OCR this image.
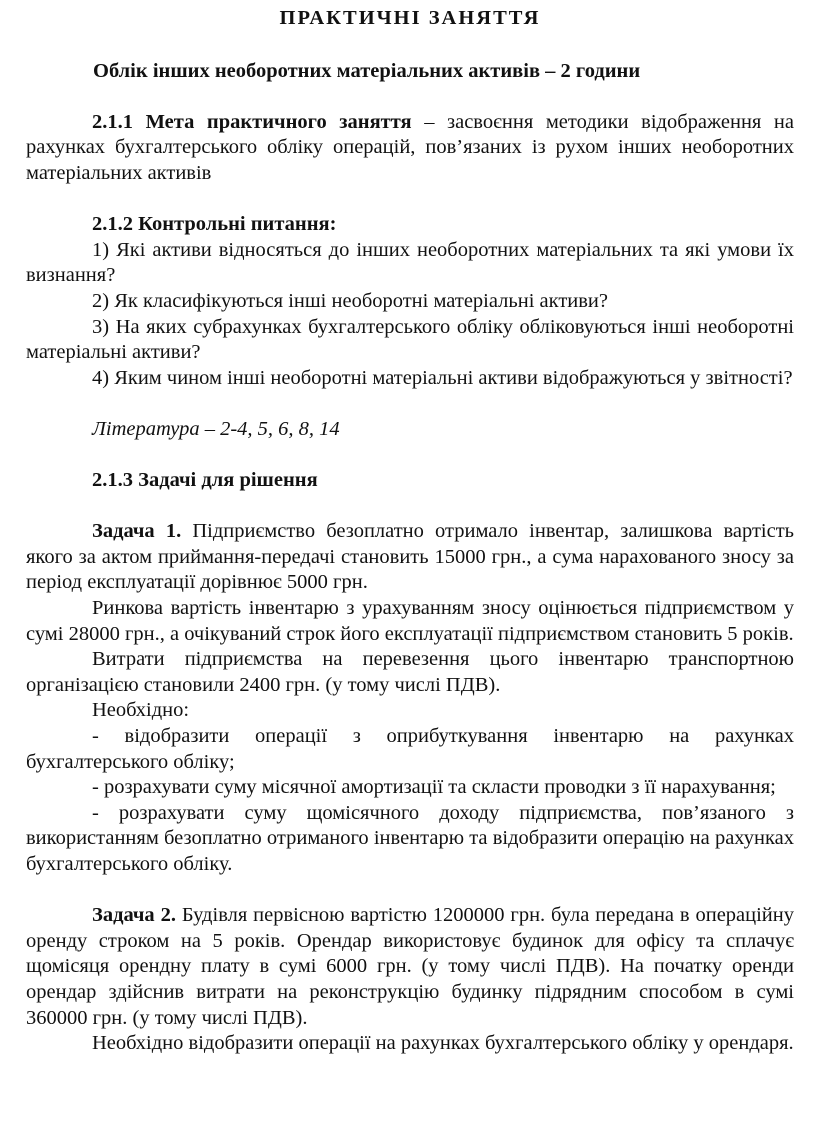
ПРАКТИЧНІ ЗАНЯТТЯ

Облік інших необоротних матеріальних активів – 2 години

2.1.1 Мета практичного заняття – засвоєння методики відображення на рахунках бухгалтерського обліку операцій, пов’язаних із рухом інших необоротних матеріальних активів

2.1.2 Контрольні питання:

1) Які активи відносяться до інших необоротних матеріальних та які умови їх визнання?

2) Як класифікуються інші необоротні матеріальні активи?

3) На яких субрахунках бухгалтерського обліку обліковуються інші необоротні матеріальні активи?

4) Яким чином інші необоротні матеріальні активи відображуються у звітності?

Література – 2-4, 5, 6, 8, 14

2.1.3 Задачі для рішення

Задача 1. Підприємство безоплатно отримало інвентар, залишкова вартість якого за актом приймання-передачі становить 15000 грн., а сума нарахованого зносу за період експлуатації дорівнює 5000 грн.

Ринкова вартість інвентарю з урахуванням зносу оцінюється підприємством у сумі 28000 грн., а очікуваний строк його експлуатації підприємством становить 5 років.

Витрати підприємства на перевезення цього інвентарю транспортною організацією становили 2400 грн. (у тому числі ПДВ).

Необхідно:

- відобразити операції з оприбуткування інвентарю на рахунках бухгалтерського обліку;

- розрахувати суму місячної амортизації та скласти проводки з її нарахування;

- розрахувати суму щомісячного доходу підприємства, пов’язаного з використанням безоплатно отриманого інвентарю та відобразити операцію на рахунках бухгалтерського обліку.

Задача 2. Будівля первісною вартістю 1200000 грн. була передана в операційну оренду строком на 5 років. Орендар використовує будинок для офісу та сплачує щомісяця орендну плату в сумі 6000 грн. (у тому числі ПДВ). На початку оренди орендар здійснив витрати на реконструкцію будинку підрядним способом в сумі 360000 грн. (у тому числі ПДВ).

Необхідно відобразити операції на рахунках бухгалтерського обліку у орендаря.
